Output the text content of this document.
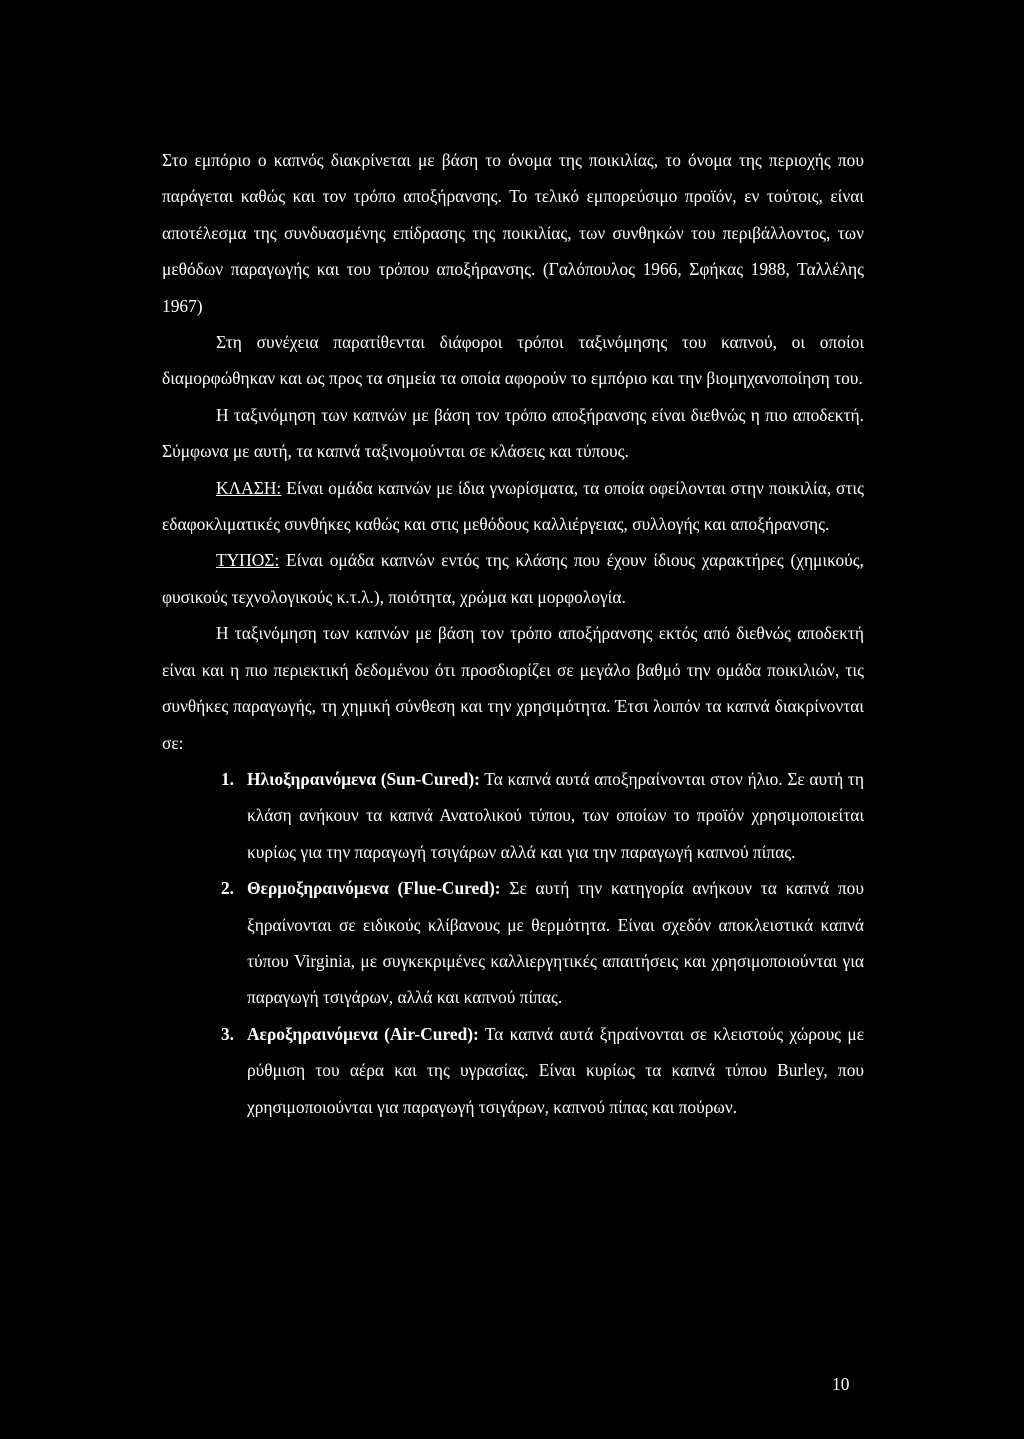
Στο εμπόριο ο καπνός διακρίνεται με βάση το όνομα της ποικιλίας, το όνομα της περιοχής που παράγεται καθώς και τον τρόπο αποξήρανσης. Το τελικό εμπορεύσιμο προϊόν, εν τούτοις, είναι αποτέλεσμα της συνδυασμένης επίδρασης της ποικιλίας, των συνθηκών του περιβάλλοντος, των μεθόδων παραγωγής και του τρόπου αποξήρανσης. (Γαλόπουλος 1966, Σφήκας 1988, Ταλλέλης 1967)

Στη συνέχεια παρατίθενται διάφοροι τρόποι ταξινόμησης του καπνού, οι οποίοι διαμορφώθηκαν και ως προς τα σημεία τα οποία αφορούν το εμπόριο και την βιομηχανοποίηση του.

Η ταξινόμηση των καπνών με βάση τον τρόπο αποξήρανσης είναι διεθνώς η πιο αποδεκτή. Σύμφωνα με αυτή, τα καπνά ταξινομούνται σε κλάσεις και τύπους.

ΚΛΑΣΗ: Είναι ομάδα καπνών με ίδια γνωρίσματα, τα οποία οφείλονται στην ποικιλία, στις εδαφοκλιματικές συνθήκες καθώς και στις μεθόδους καλλιέργειας, συλλογής και αποξήρανσης.

ΤΥΠΟΣ: Είναι ομάδα καπνών εντός της κλάσης που έχουν ίδιους χαρακτήρες (χημικούς, φυσικούς τεχνολογικούς κ.τ.λ.), ποιότητα, χρώμα και μορφολογία.

Η ταξινόμηση των καπνών με βάση τον τρόπο αποξήρανσης εκτός από διεθνώς αποδεκτή είναι και η πιο περιεκτική δεδομένου ότι προσδιορίζει σε μεγάλο βαθμό την ομάδα ποικιλιών, τις συνθήκες παραγωγής, τη χημική σύνθεση και την χρησιμότητα. Έτσι λοιπόν τα καπνά διακρίνονται σε:

1. Ηλιοξηραινόμενα (Sun-Cured): Τα καπνά αυτά αποξηραίνονται στον ήλιο. Σε αυτή τη κλάση ανήκουν τα καπνά Ανατολικού τύπου, των οποίων το προϊόν χρησιμοποιείται κυρίως για την παραγωγή τσιγάρων αλλά και για την παραγωγή καπνού πίπας.
2. Θερμοξηραινόμενα (Flue-Cured): Σε αυτή την κατηγορία ανήκουν τα καπνά που ξηραίνονται σε ειδικούς κλίβανους με θερμότητα. Είναι σχεδόν αποκλειστικά καπνά τύπου Virginia, με συγκεκριμένες καλλιεργητικές απαιτήσεις και χρησιμοποιούνται για παραγωγή τσιγάρων, αλλά και καπνού πίπας.
3. Αεροξηραινόμενα (Air-Cured): Τα καπνά αυτά ξηραίνονται σε κλειστούς χώρους με ρύθμιση του αέρα και της υγρασίας. Είναι κυρίως τα καπνά τύπου Burley, που χρησιμοποιούνται για παραγωγή τσιγάρων, καπνού πίπας και πούρων.
10
